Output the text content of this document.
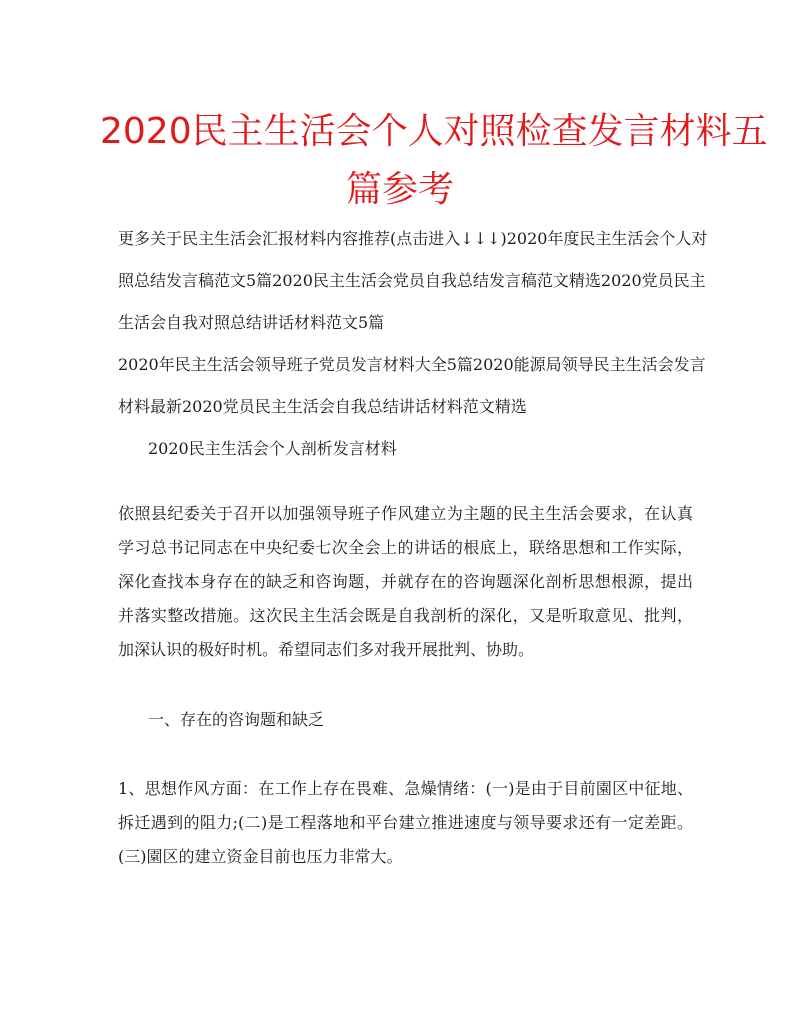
2020民主生活会个人对照检查发言材料五
篇参考
更多关于民主生活会汇报材料内容推荐(点击进入↓↓↓)2020年度民主生活会个人对
照总结发言稿范文5篇2020民主生活会党员自我总结发言稿范文精选2020党员民主
生活会自我对照总结讲话材料范文5篇
2020年民主生活会领导班子党员发言材料大全5篇2020能源局领导民主生活会发言
材料最新2020党员民主生活会自我总结讲话材料范文精选
2020民主生活会个人剖析发言材料

依照县纪委关于召开以加强领导班子作风建立为主题的民主生活会要求，在认真学习总书记同志在中央纪委七次全会上的讲话的根底上，联络思想和工作实际，深化查找本身存在的缺乏和咨询题，并就存在的咨询题深化剖析思想根源，提出并落实整改措施。这次民主生活会既是自我剖析的深化，又是听取意见、批判，加深认识的极好时机。希望同志们多对我开展批判、协助。

一、存在的咨询题和缺乏

1、思想作风方面：在工作上存在畏难、急燥情绪：(一)是由于目前園区中征地、拆迁遇到的阻力;(二)是工程落地和平台建立推进速度与领导要求还有一定差距。(三)園区的建立资金目前也压力非常大。
